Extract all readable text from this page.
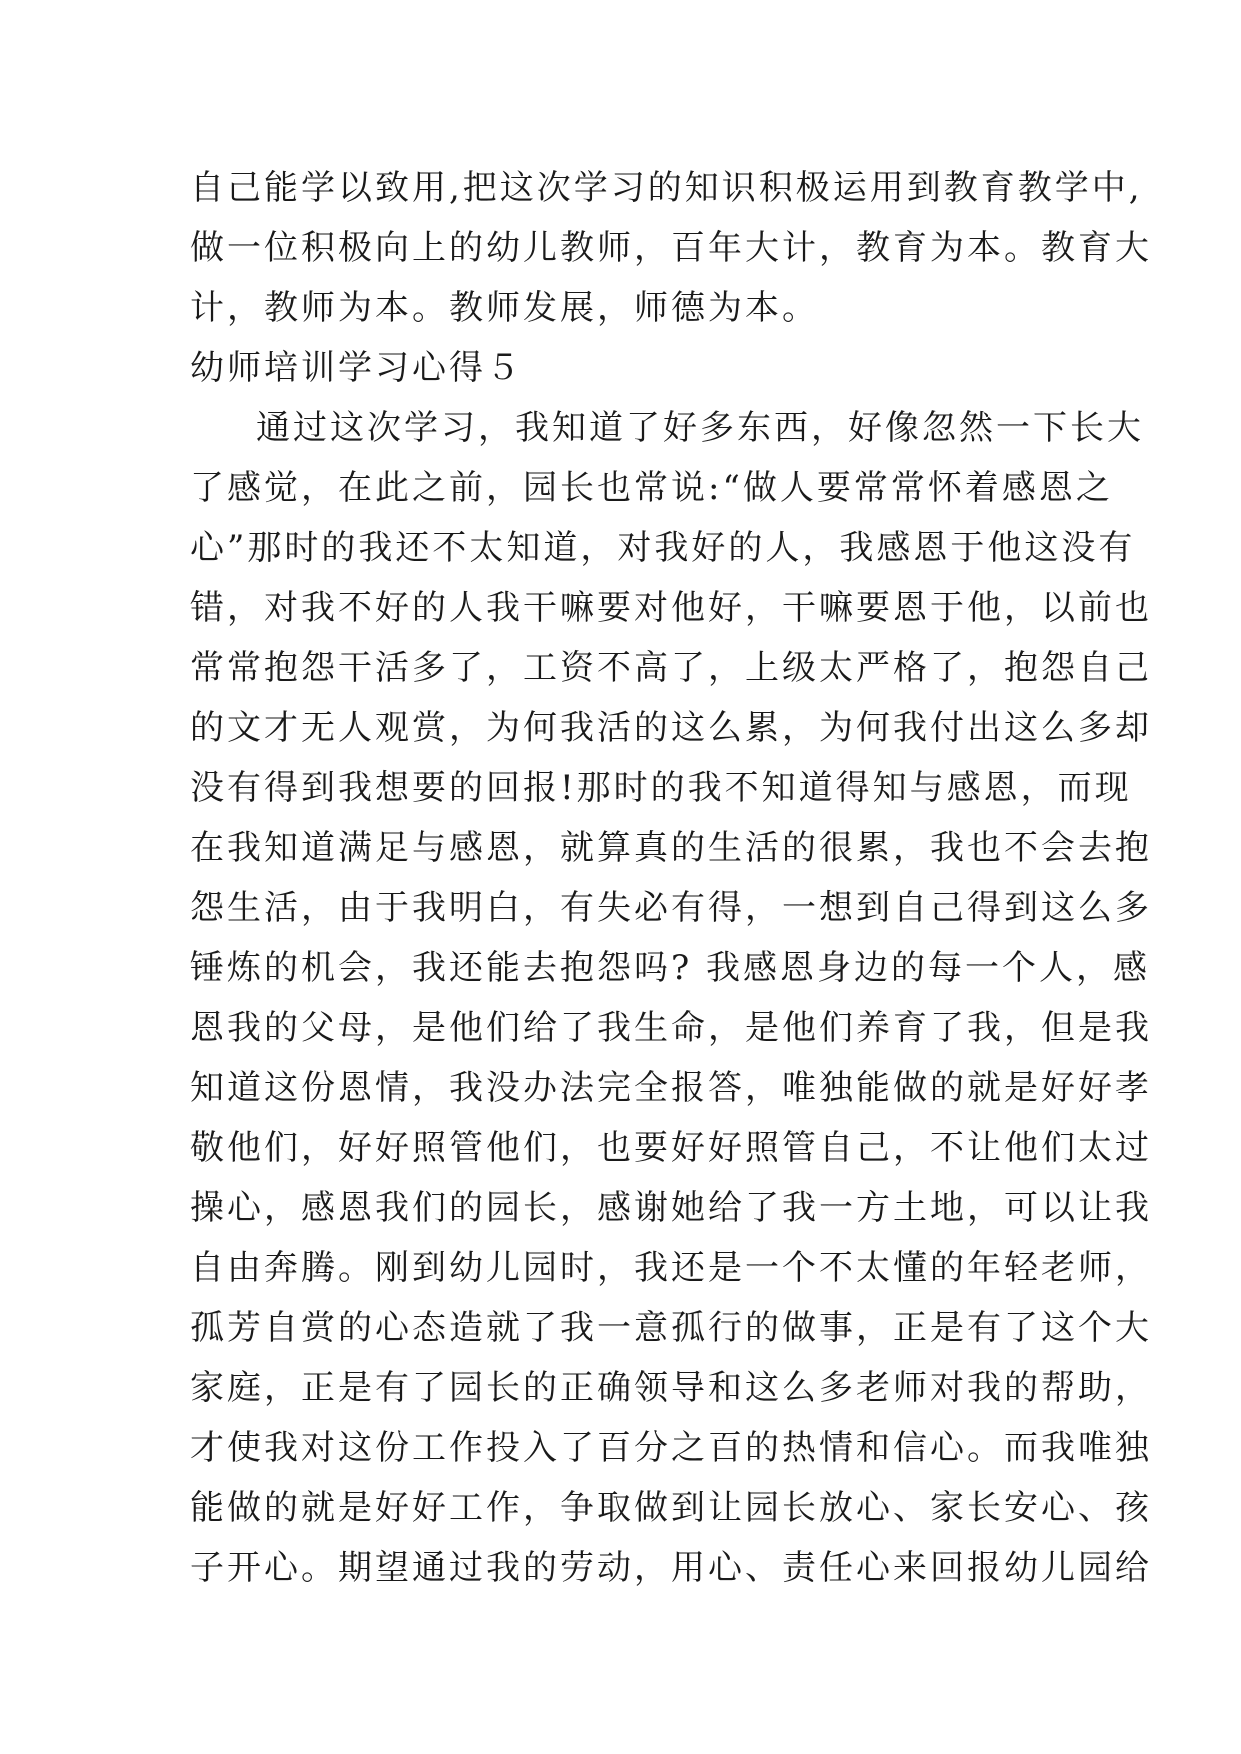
自己能学以致用,把这次学习的知识积极运用到教育教学中,
做一位积极向上的幼儿教师，百年大计，教育为本。教育大
计，教师为本。教师发展，师德为本。
幼师培训学习心得５
通过这次学习，我知道了好多东西，好像忽然一下长大
了感觉，在此之前，园长也常说:“做人要常常怀着感恩之
心”那时的我还不太知道，对我好的人，我感恩于他这没有
错，对我不好的人我干嘛要对他好，干嘛要恩于他，以前也
常常抱怨干活多了，工资不高了，上级太严格了，抱怨自己
的文才无人观赏，为何我活的这么累，为何我付出这么多却
没有得到我想要的回报!那时的我不知道得知与感恩，而现
在我知道满足与感恩，就算真的生活的很累，我也不会去抱
怨生活，由于我明白，有失必有得，一想到自己得到这么多
锤炼的机会，我还能去抱怨吗? 我感恩身边的每一个人，感
恩我的父母，是他们给了我生命，是他们养育了我，但是我
知道这份恩情，我没办法完全报答，唯独能做的就是好好孝
敬他们，好好照管他们，也要好好照管自己，不让他们太过
操心，感恩我们的园长，感谢她给了我一方土地，可以让我
自由奔腾。刚到幼儿园时，我还是一个不太懂的年轻老师，
孤芳自赏的心态造就了我一意孤行的做事，正是有了这个大
家庭，正是有了园长的正确领导和这么多老师对我的帮助，
才使我对这份工作投入了百分之百的热情和信心。而我唯独
能做的就是好好工作，争取做到让园长放心、家长安心、孩
子开心。期望通过我的劳动，用心、责任心来回报幼儿园给
